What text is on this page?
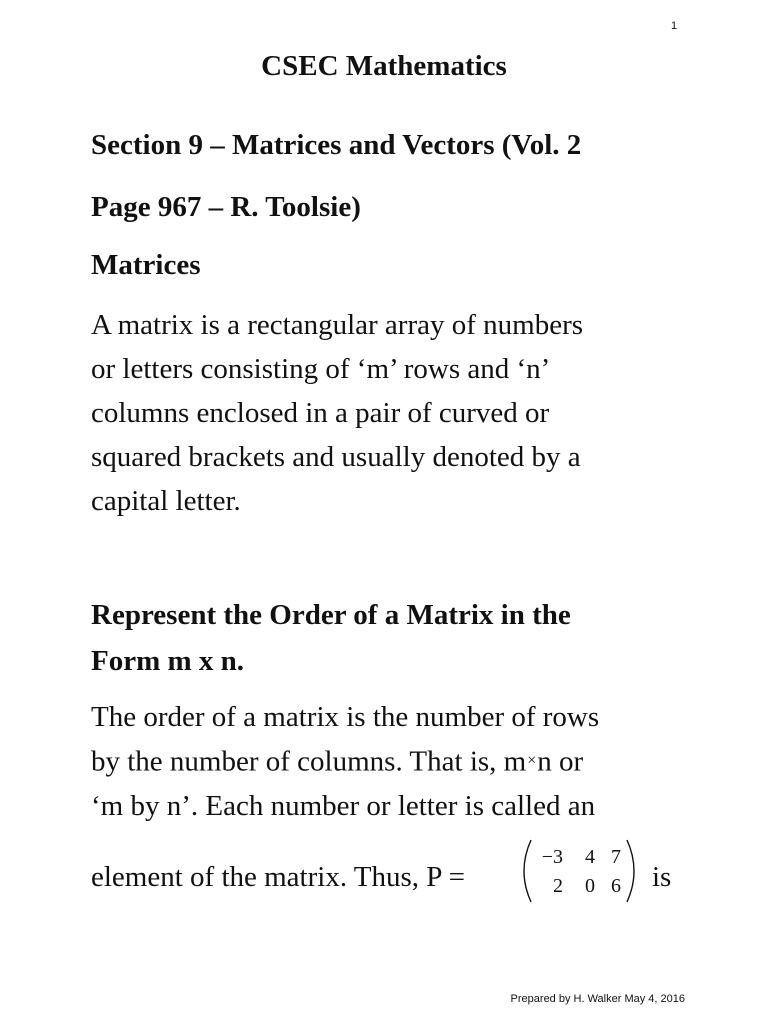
1
CSEC Mathematics
Section 9 – Matrices and Vectors (Vol. 2
Page 967 – R. Toolsie)
Matrices
A matrix is a rectangular array of numbers
or letters consisting of ‘m’ rows and ‘n’
columns enclosed in a pair of curved or
squared brackets and usually denoted by a
capital letter.
Represent the Order of a Matrix in the
Form m x n.
The order of a matrix is the number of rows
by the number of columns. That is, m×n or
‘m by n’. Each number or letter is called an
element of the matrix. Thus, P =
−3	4 7
2	0 6 is
Prepared by H. Walker May 4, 2016
